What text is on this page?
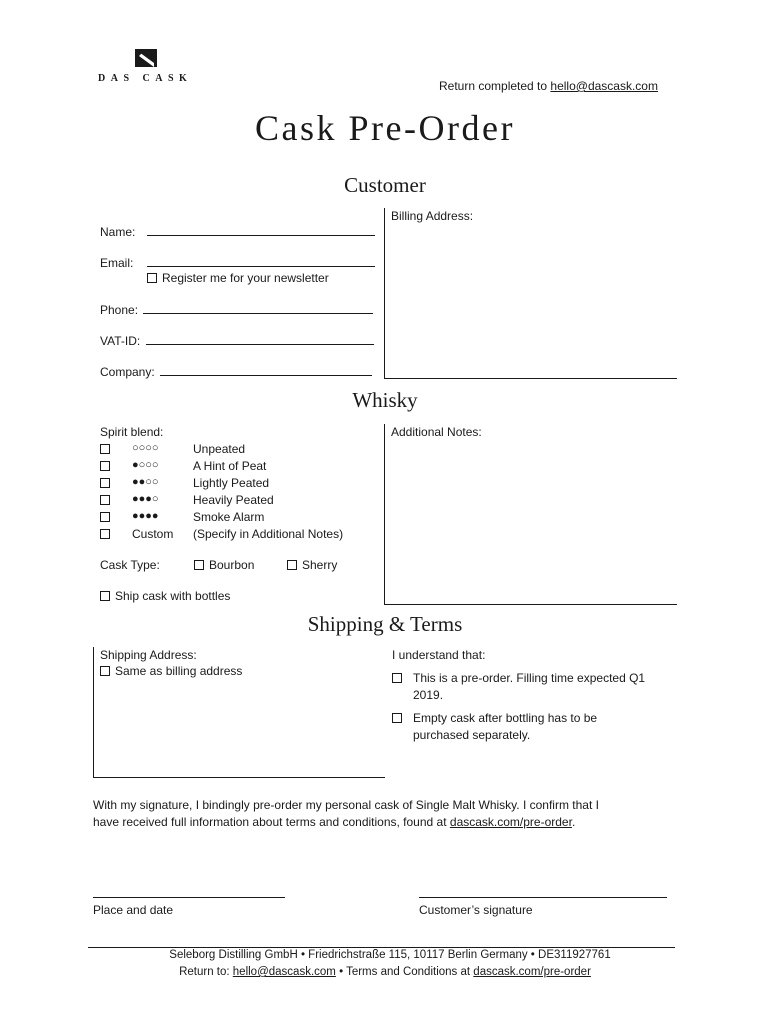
DAS CASK
Return completed to hello@dascask.com
Cask Pre-Order
Customer
Name:
Email:
Register me for your newsletter
Phone:
VAT-ID:
Company:
Billing Address:
Whisky
Spirit blend:
○○○○	Unpeated
●○○○	A Hint of Peat
●●○○	Lightly Peated
●●●○	Heavily Peated
●●●●	Smoke Alarm
Custom (Specify in Additional Notes)
Cask Type:	Bourbon	Sherry
Ship cask with bottles
Additional Notes:
Shipping & Terms
Shipping Address:
Same as billing address
I understand that:
This is a pre-order. Filling time expected Q1
2019.
Empty cask after bottling has to be
purchased separately.
With my signature, I bindingly pre-order my personal cask of Single Malt Whisky. I confirm that I
have received full information about terms and conditions, found at dascask.com/pre-order.
Place and date	Customer’s signature
Seleborg Distilling GmbH • Friedrichstraße 115, 10117 Berlin Germany • DE311927761
Return to: hello@dascask.com • Terms and Conditions at dascask.com/pre-order
